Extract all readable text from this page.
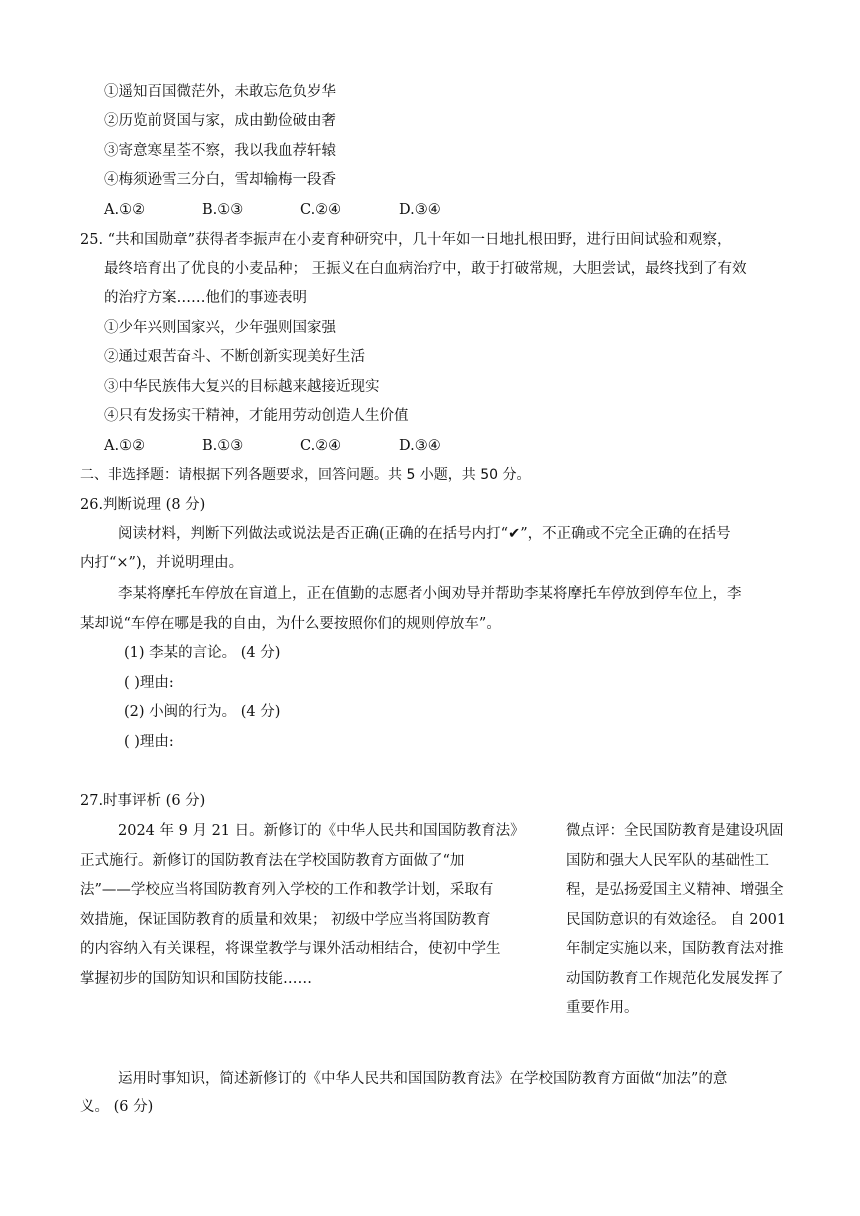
①遥知百国微茫外，未敢忘危负岁华
②历览前贤国与家，成由勤俭破由奢
③寄意寒星荃不察，我以我血荐轩辕
④梅须逊雪三分白，雪却输梅一段香
A.①②	B.①③	C.②④	D.③④
25. “共和国勋章”获得者李振声在小麦育种研究中，几十年如一日地扎根田野，进行田间试验和观察，
最终培育出了优良的小麦品种； 王振义在白血病治疗中，敢于打破常规，大胆尝试，最终找到了有效
的治疗方案……他们的事迹表明
①少年兴则国家兴，少年强则国家强
②通过艰苦奋斗、不断创新实现美好生活
③中华民族伟大复兴的目标越来越接近现实
④只有发扬实干精神，才能用劳动创造人生价值
A.①②	B.①③	C.②④	D.③④
二、非选择题：请根据下列各题要求，回答问题。共 5 小题，共 50 分。
26.判断说理 (8 分)
阅读材料，判断下列做法或说法是否正确(正确的在括号内打“✔”，不正确或不完全正确的在括号
内打“×”)，并说明理由。
李某将摩托车停放在盲道上，正在值勤的志愿者小闽劝导并帮助李某将摩托车停放到停车位上，李
某却说“车停在哪是我的自由，为什么要按照你们的规则停放车”。
(1) 李某的言论。 (4 分)
( )理由:
(2) 小闽的行为。 (4 分)
( )理由:
27.时事评析 (6 分)
2024 年 9 月 21 日。新修订的《中华人民共和国国防教育法》
正式施行。新修订的国防教育法在学校国防教育方面做了“加
法”——学校应当将国防教育列入学校的工作和教学计划，采取有
效措施，保证国防教育的质量和效果； 初级中学应当将国防教育
的内容纳入有关课程，将课堂教学与课外活动相结合，使初中学生
掌握初步的国防知识和国防技能……
微点评：全民国防教育是建设巩固
国防和强大人民军队的基础性工
程，是弘扬爱国主义精神、增强全
民国防意识的有效途径。 自 2001
年制定实施以来，国防教育法对推
动国防教育工作规范化发展发挥了
重要作用。
运用时事知识，简述新修订的《中华人民共和国国防教育法》在学校国防教育方面做“加法”的意
义。 (6 分)
